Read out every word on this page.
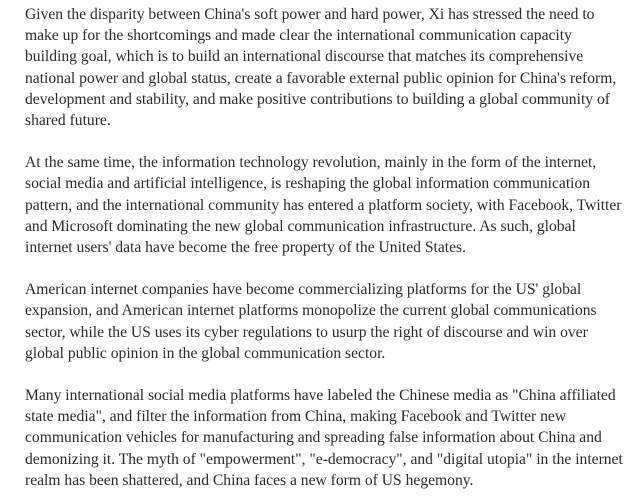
Given the disparity between China's soft power and hard power, Xi has stressed the need to make up for the shortcomings and made clear the international communication capacity building goal, which is to build an international discourse that matches its comprehensive national power and global status, create a favorable external public opinion for China's reform, development and stability, and make positive contributions to building a global community of shared future.

At the same time, the information technology revolution, mainly in the form of the internet, social media and artificial intelligence, is reshaping the global information communication pattern, and the international community has entered a platform society, with Facebook, Twitter and Microsoft dominating the new global communication infrastructure. As such, global internet users' data have become the free property of the United States.

American internet companies have become commercializing platforms for the US' global expansion, and American internet platforms monopolize the current global communications sector, while the US uses its cyber regulations to usurp the right of discourse and win over global public opinion in the global communication sector.

Many international social media platforms have labeled the Chinese media as "China affiliated state media", and filter the information from China, making Facebook and Twitter new communication vehicles for manufacturing and spreading false information about China and demonizing it. The myth of "empowerment", "e-democracy", and "digital utopia" in the internet realm has been shattered, and China faces a new form of US hegemony.
